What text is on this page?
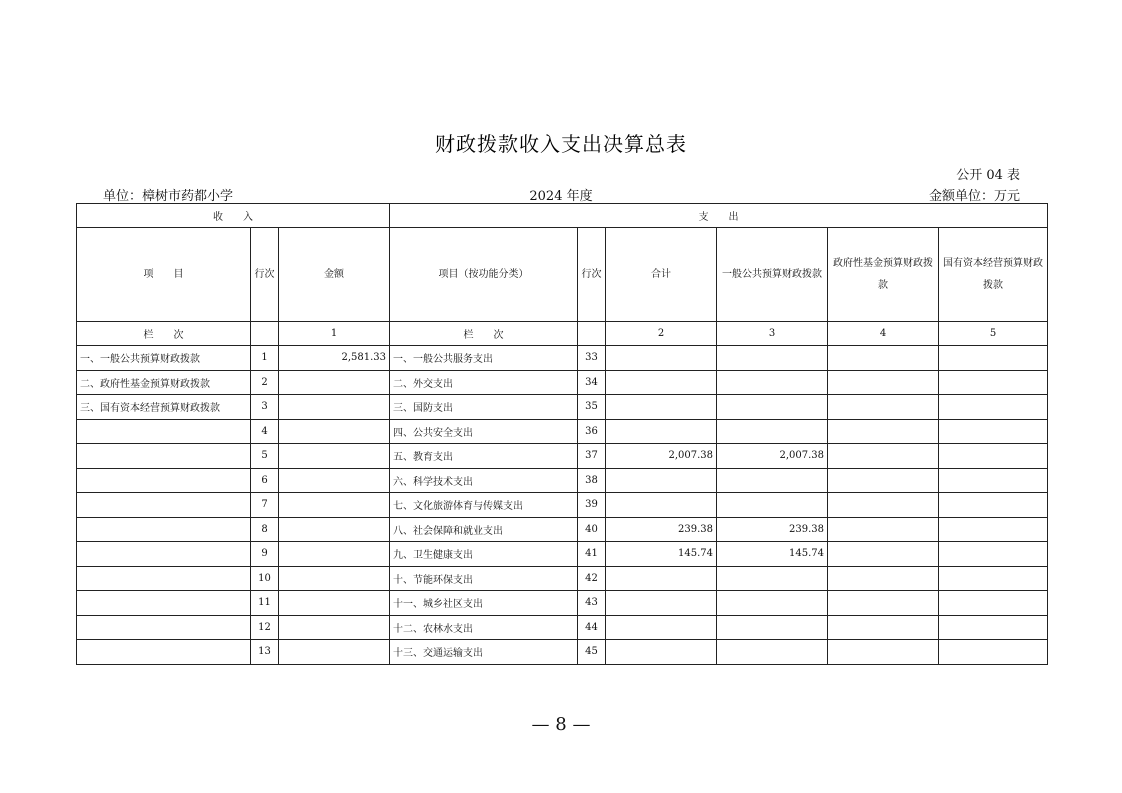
财政拨款收入支出决算总表
公开 04 表
单位：樟树市药都小学	2024 年度	金额单位：万元
收　　入			支　　出					
项　　目	行次	金额	项目（按功能分类）	行次	合计	一般公共预算财政拨款	政府性基金预算财政拨款	国有资本经营预算财政拨款
栏　　次		1	栏　　次		2	3	4	5
一、一般公共预算财政拨款	1	2,581.33	一、一般公共服务支出	33				
二、政府性基金预算财政拨款	2		二、外交支出	34				
三、国有资本经营预算财政拨款	3		三、国防支出	35				
	4		四、公共安全支出	36				
	5		五、教育支出	37	2,007.38	2,007.38		
	6		六、科学技术支出	38				
	7		七、文化旅游体育与传媒支出	39				
	8		八、社会保障和就业支出	40	239.38	239.38		
	9		九、卫生健康支出	41	145.74	145.74		
	10		十、节能环保支出	42				
	11		十一、城乡社区支出	43				
	12		十二、农林水支出	44				
	13		十三、交通运输支出	45				
— 8 —
